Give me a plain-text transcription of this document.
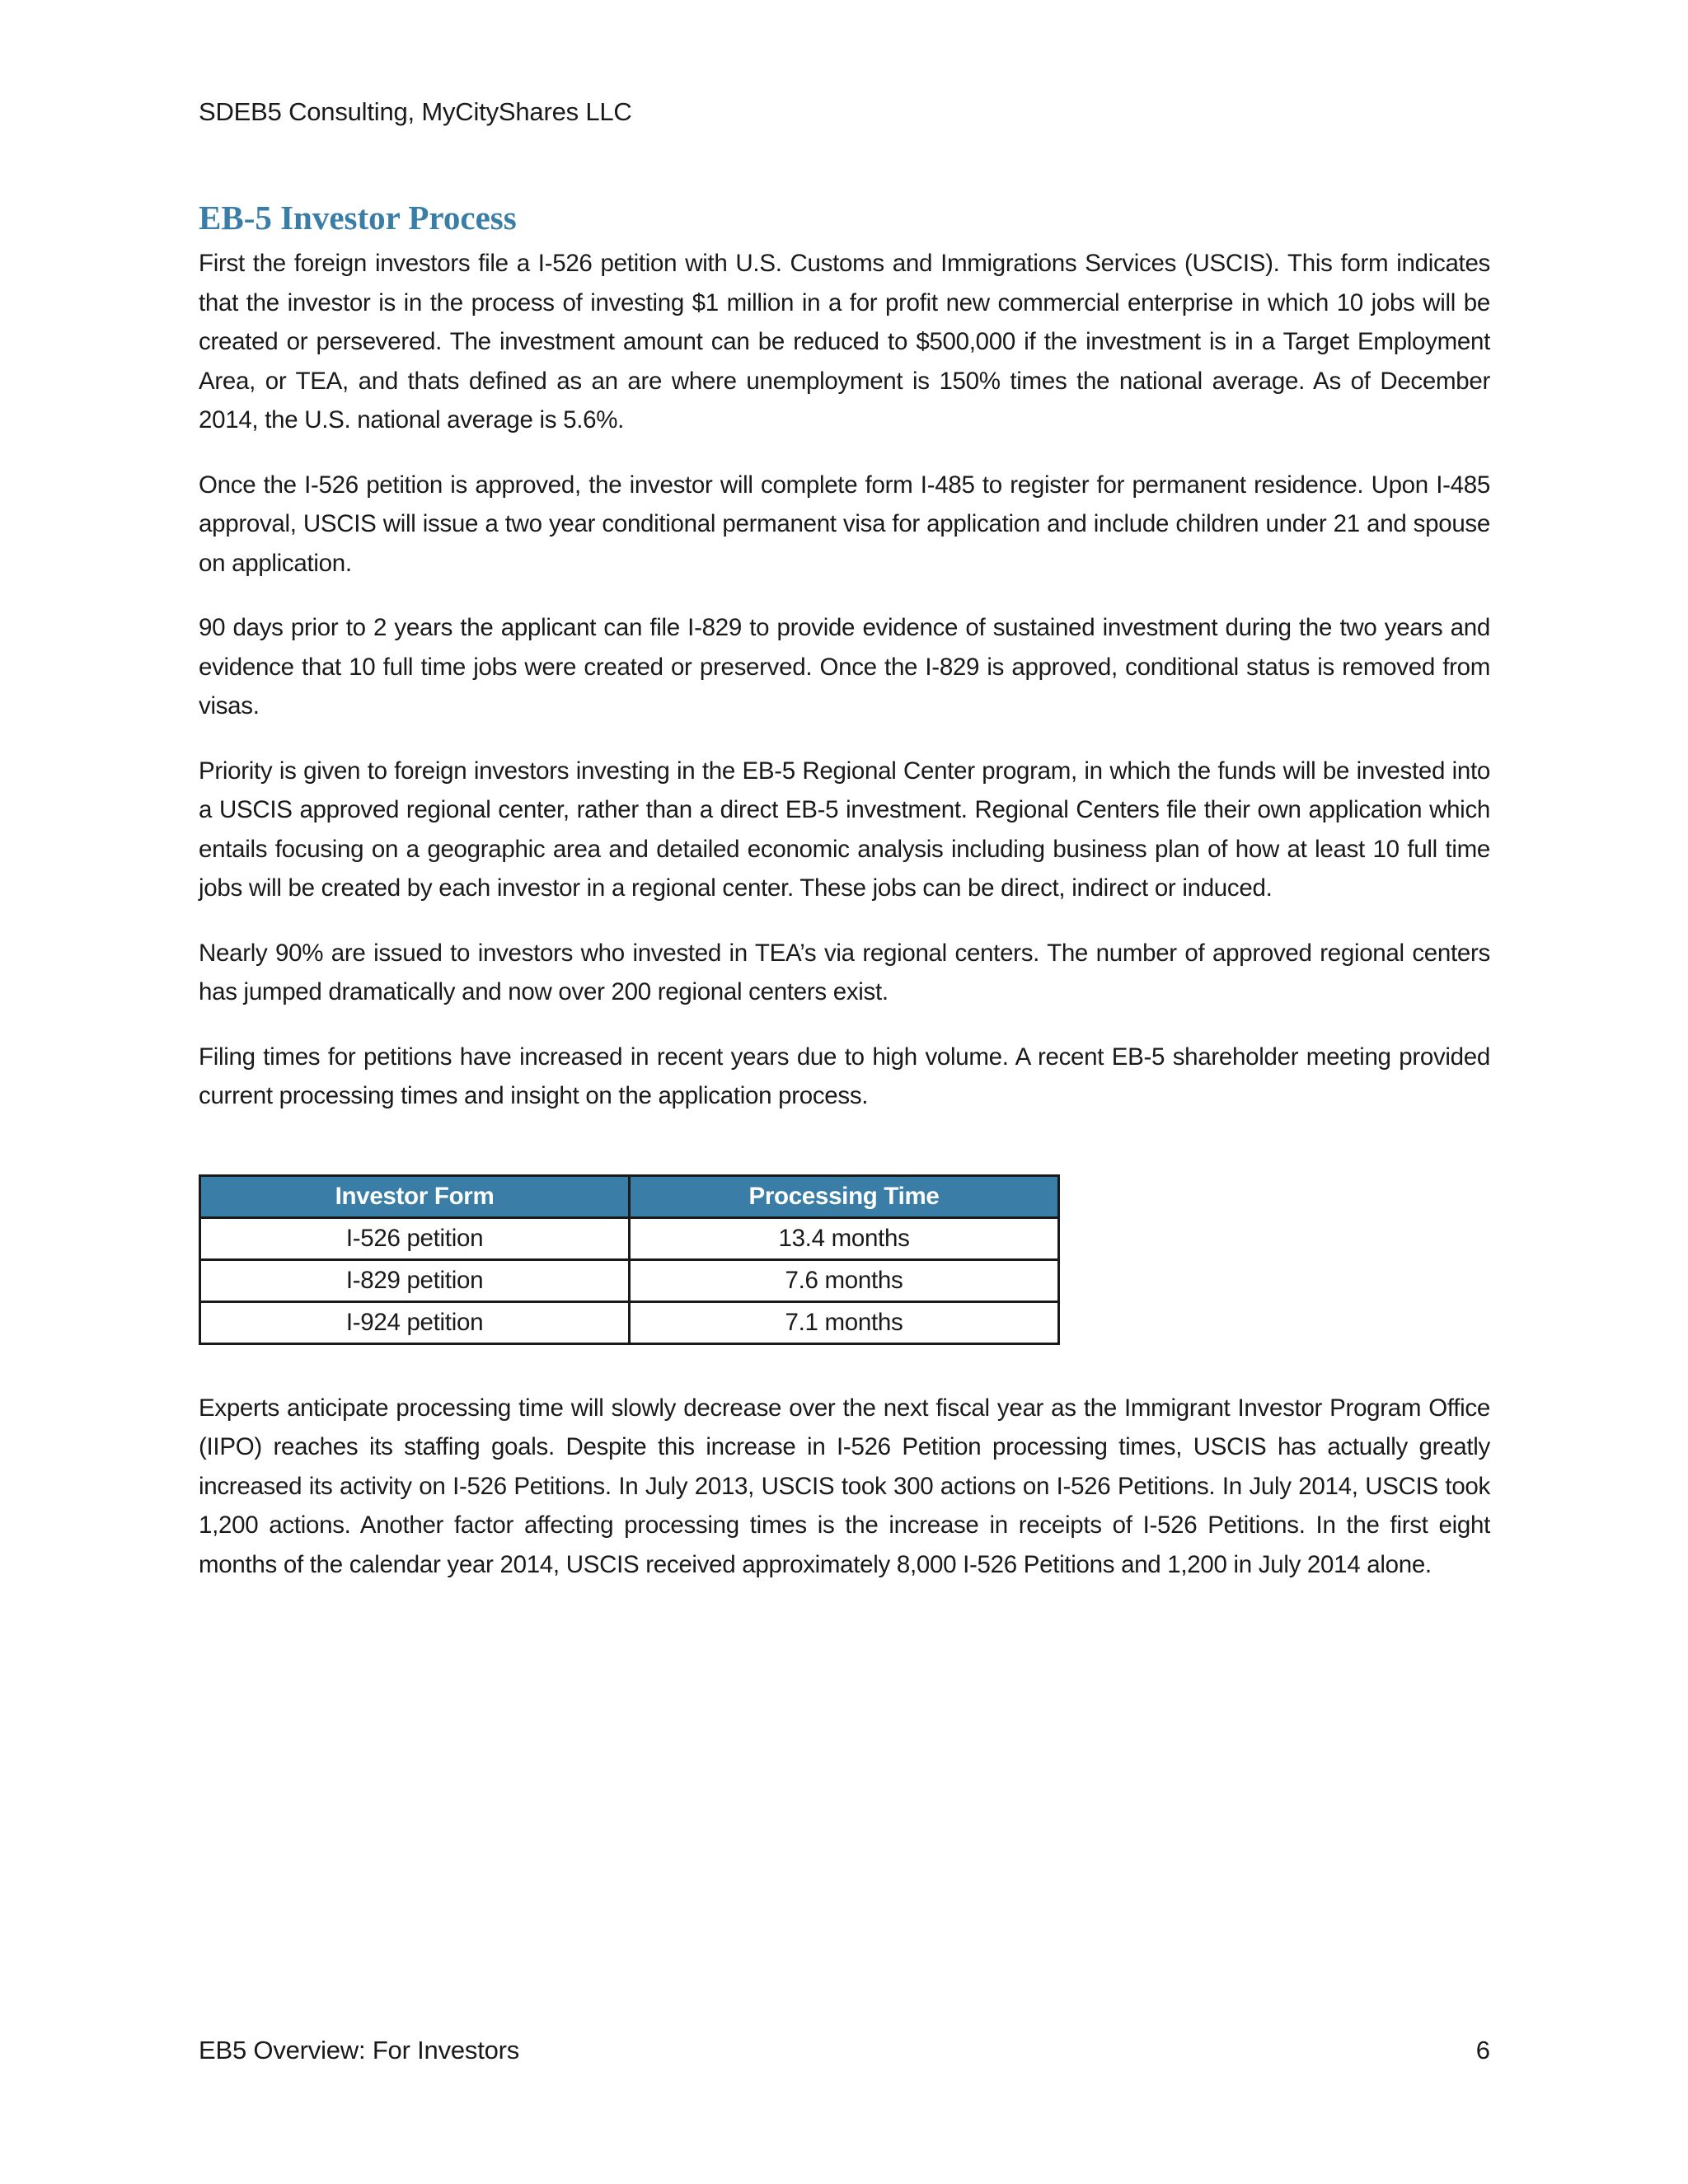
SDEB5 Consulting, MyCityShares LLC
EB-5 Investor Process

First the foreign investors file a I-526 petition with U.S. Customs and Immigrations Services (USCIS). This form indicates that the investor is in the process of investing $1 million in a for profit new commercial enterprise in which 10 jobs will be created or persevered. The investment amount can be reduced to $500,000 if the investment is in a Target Employment Area, or TEA, and thats defined as an are where unemployment is 150% times the national average. As of December 2014, the U.S. national average is 5.6%.

Once the I-526 petition is approved, the investor will complete form I-485 to register for permanent residence. Upon I-485 approval, USCIS will issue a two year conditional permanent visa for application and include children under 21 and spouse on application.

90 days prior to 2 years the applicant can file I-829 to provide evidence of sustained investment during the two years and evidence that 10 full time jobs were created or preserved. Once the I-829 is approved, conditional status is removed from visas.

Priority is given to foreign investors investing in the EB-5 Regional Center program, in which the funds will be invested into a USCIS approved regional center, rather than a direct EB-5 investment. Regional Centers file their own application which entails focusing on a geographic area and detailed economic analysis including business plan of how at least 10 full time jobs will be created by each investor in a regional center. These jobs can be direct, indirect or induced.

Nearly 90% are issued to investors who invested in TEA’s via regional centers. The number of approved regional centers has jumped dramatically and now over 200 regional centers exist.

Filing times for petitions have increased in recent years due to high volume. A recent EB-5 shareholder meeting provided current processing times and insight on the application process.

Investor Form	Processing Time
I-526 petition	13.4 months
I-829 petition	7.6 months
I-924 petition	7.1 months

Experts anticipate processing time will slowly decrease over the next fiscal year as the Immigrant Investor Program Office (IIPO) reaches its staffing goals. Despite this increase in I-526 Petition processing times, USCIS has actually greatly increased its activity on I-526 Petitions. In July 2013, USCIS took 300 actions on I-526 Petitions. In July 2014, USCIS took 1,200 actions. Another factor affecting processing times is the increase in receipts of I-526 Petitions. In the first eight months of the calendar year 2014, USCIS received approximately 8,000 I-526 Petitions and 1,200 in July 2014 alone.

EB5 Overview: For Investors	6
